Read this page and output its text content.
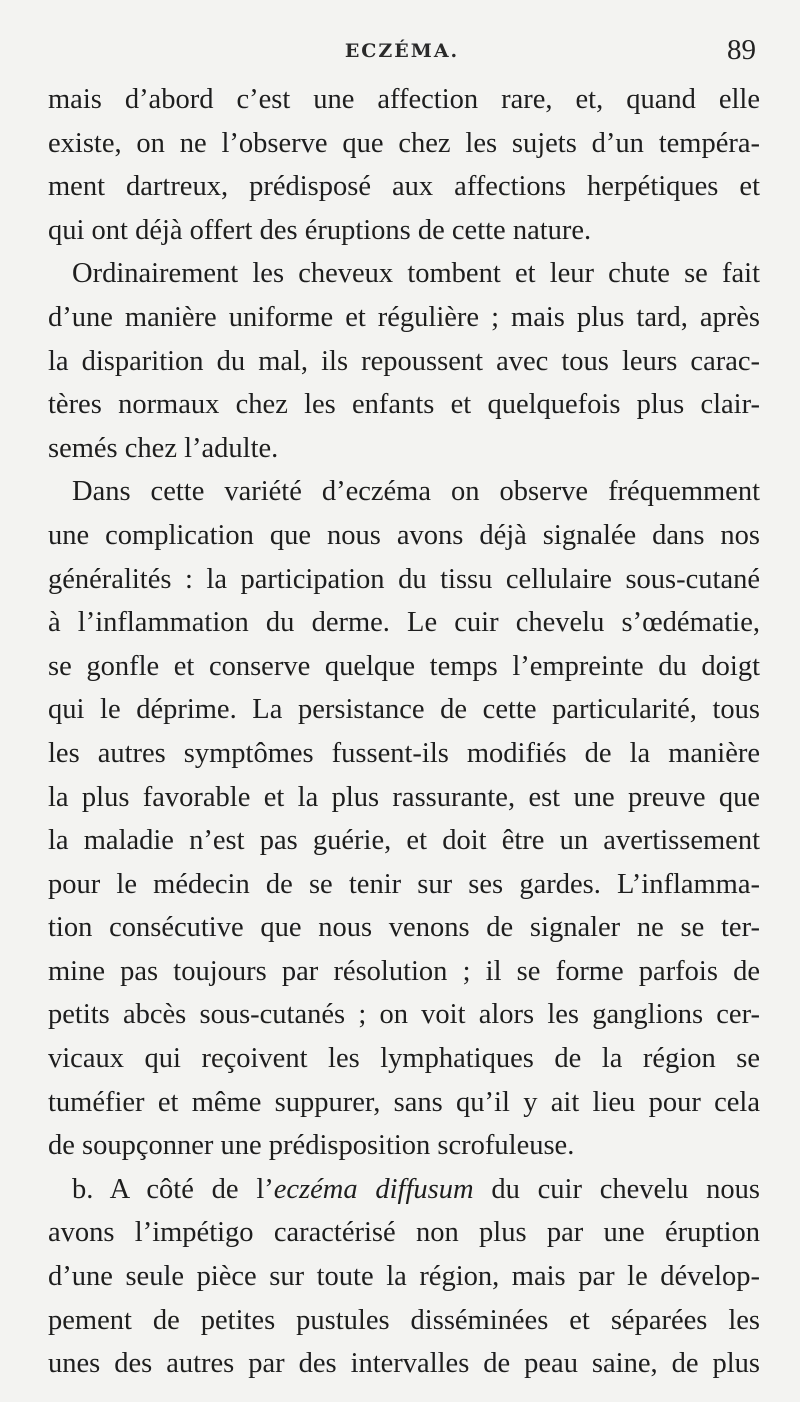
ECZÉMA.	89
mais d’abord c’est une affection rare, et, quand elle
existe, on ne l’observe que chez les sujets d’un tempéra-
ment dartreux, prédisposé aux affections herpétiques et
qui ont déjà offert des éruptions de cette nature.
Ordinairement les cheveux tombent et leur chute se fait
d’une manière uniforme et régulière ; mais plus tard, après
la disparition du mal, ils repoussent avec tous leurs carac-
tères normaux chez les enfants et quelquefois plus clair-
semés chez l’adulte.
Dans cette variété d’eczéma on observe fréquemment
une complication que nous avons déjà signalée dans nos
généralités : la participation du tissu cellulaire sous-cutané
à l’inflammation du derme. Le cuir chevelu s’œdématie,
se gonfle et conserve quelque temps l’empreinte du doigt
qui le déprime. La persistance de cette particularité, tous
les autres symptômes fussent-ils modifiés de la manière
la plus favorable et la plus rassurante, est une preuve que
la maladie n’est pas guérie, et doit être un avertissement
pour le médecin de se tenir sur ses gardes. L’inflamma-
tion consécutive que nous venons de signaler ne se ter-
mine pas toujours par résolution ; il se forme parfois de
petits abcès sous-cutanés ; on voit alors les ganglions cer-
vicaux qui reçoivent les lymphatiques de la région se
tuméfier et même suppurer, sans qu’il y ait lieu pour cela
de soupçonner une prédisposition scrofuleuse.
b. A côté de l’eczéma diffusum du cuir chevelu nous
avons l’impétigo caractérisé non plus par une éruption
d’une seule pièce sur toute la région, mais par le dévelop-
pement de petites pustules disséminées et séparées les
unes des autres par des intervalles de peau saine, de plus
